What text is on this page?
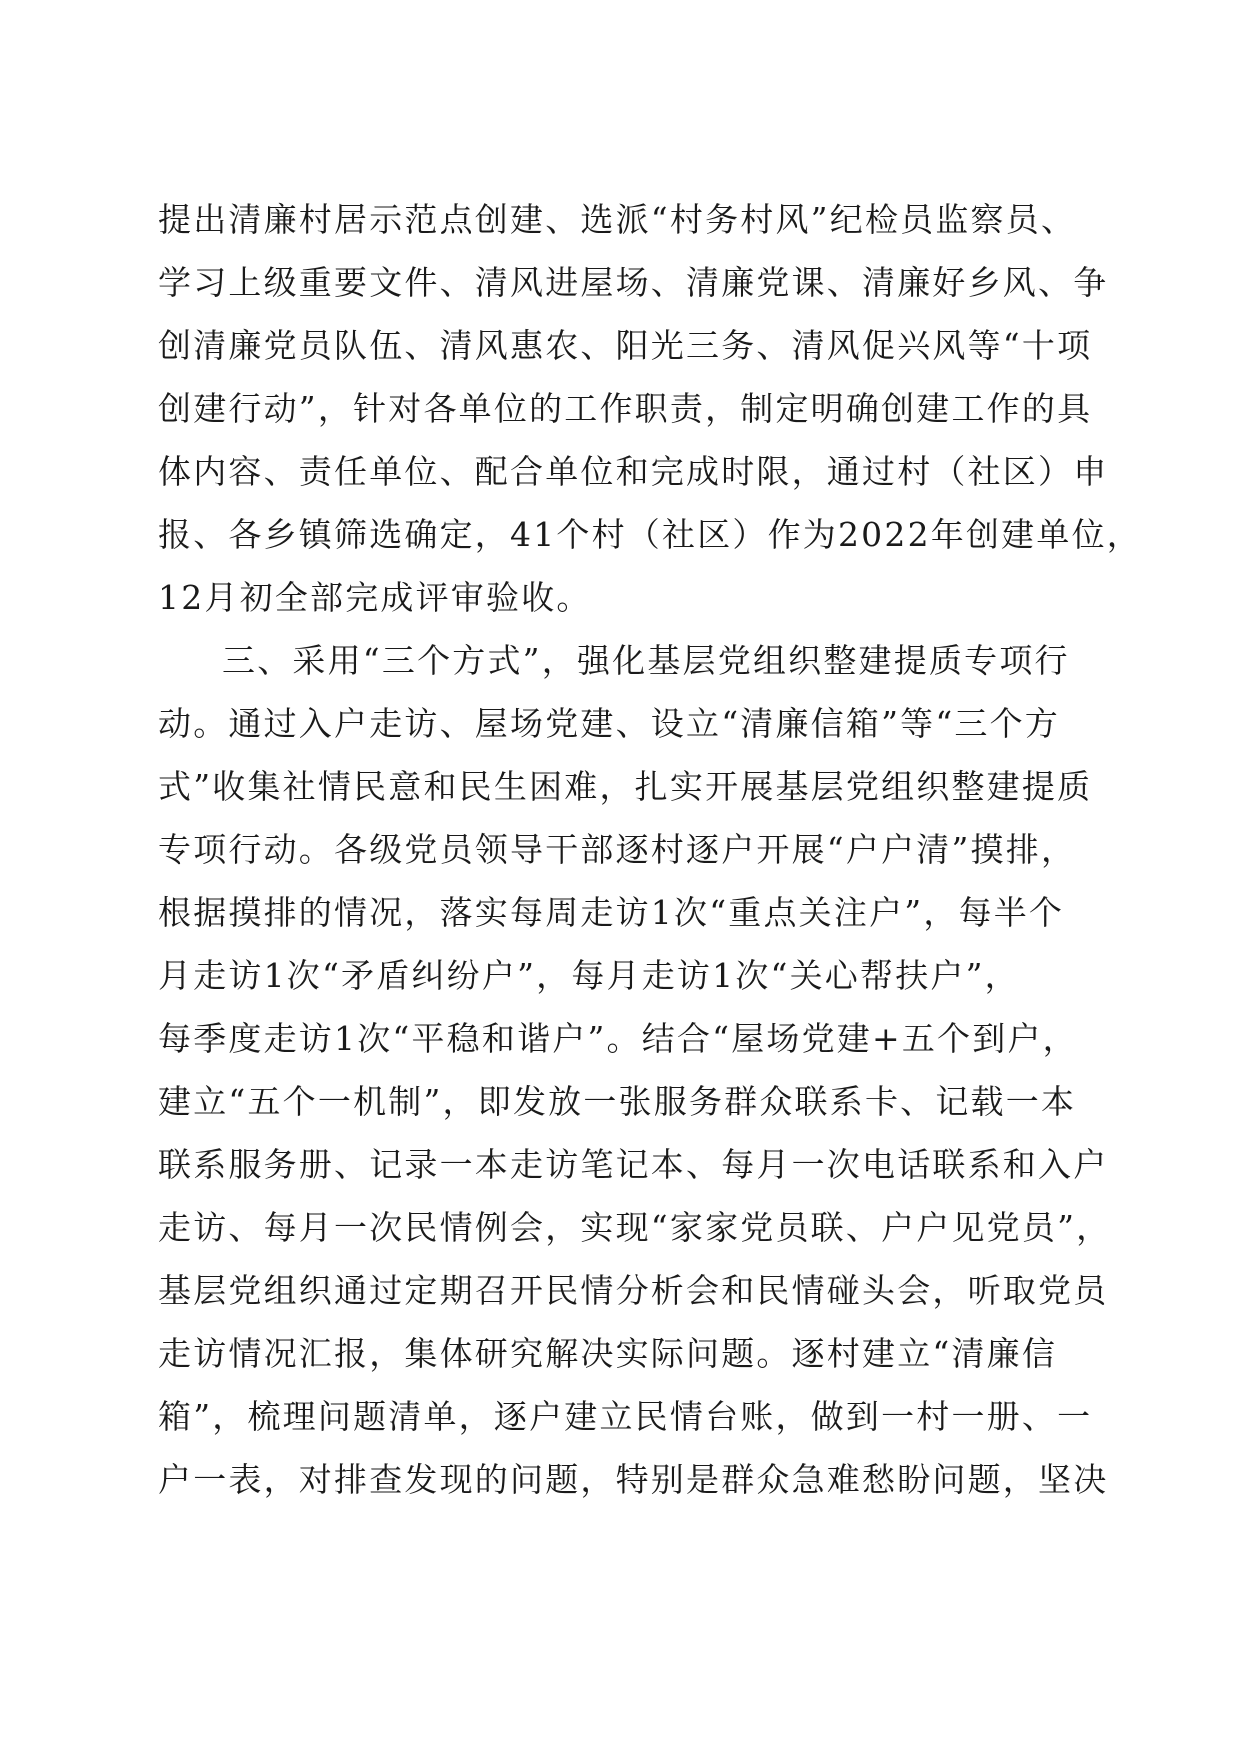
提出清廉村居示范点创建、选派“村务村风”纪检员监察员、
学习上级重要文件、清风进屋场、清廉党课、清廉好乡风、争
创清廉党员队伍、清风惠农、阳光三务、清风促兴风等“十项
创建行动”，针对各单位的工作职责，制定明确创建工作的具
体内容、责任单位、配合单位和完成时限，通过村（社区）申
报、各乡镇筛选确定，41个村（社区）作为2022年创建单位，
12月初全部完成评审验收。
三、采用“三个方式”，强化基层党组织整建提质专项行
动。通过入户走访、屋场党建、设立“清廉信箱”等“三个方
式”收集社情民意和民生困难，扎实开展基层党组织整建提质
专项行动。各级党员领导干部逐村逐户开展“户户清”摸排，
根据摸排的情况，落实每周走访1次“重点关注户”，每半个
月走访1次“矛盾纠纷户”，每月走访1次“关心帮扶户”，
每季度走访1次“平稳和谐户”。结合“屋场党建+五个到户，
建立“五个一机制”，即发放一张服务群众联系卡、记载一本
联系服务册、记录一本走访笔记本、每月一次电话联系和入户
走访、每月一次民情例会，实现“家家党员联、户户见党员”，
基层党组织通过定期召开民情分析会和民情碰头会，听取党员
走访情况汇报，集体研究解决实际问题。逐村建立“清廉信
箱”，梳理问题清单，逐户建立民情台账，做到一村一册、一
户一表，对排查发现的问题，特别是群众急难愁盼问题，坚决
